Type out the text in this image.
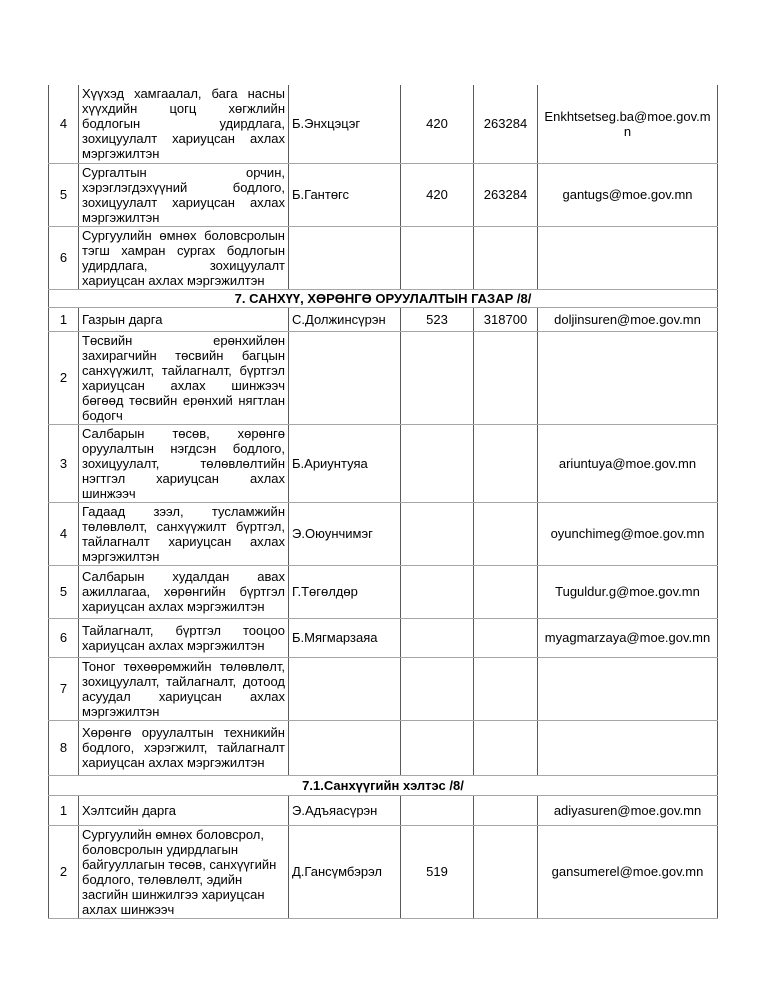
4	Хүүхэд хамгаалал, бага насны хүүхдийн цогц хөгжлийн бодлогын удирдлага, зохицуулалт хариуцсан ахлах мэргэжилтэн	Б.Энхцэцэг	420	263284	Enkhtsetseg.ba@moe.gov.mn
5	Сургалтын орчин, хэрэглэгдэхүүний бодлого, зохицуулалт хариуцсан ахлах мэргэжилтэн	Б.Гантөгс	420	263284	gantugs@moe.gov.mn
6	Сургуулийн өмнөх боловсролын тэгш хамран сургах бодлогын удирдлага, зохицуулалт хариуцсан ахлах мэргэжилтэн				
7. САНХҮҮ, ХӨРӨНГӨ ОРУУЛАЛТЫН ГАЗАР /8/					
1	Газрын дарга	С.Должинсүрэн	523	318700	doljinsuren@moe.gov.mn
2	Төсвийн ерөнхийлөн захирагчийн төсвийн багцын санхүүжилт, тайлагналт, бүртгэл хариуцсан ахлах шинжээч бөгөөд төсвийн ерөнхий нягтлан бодогч				
3	Салбарын төсөв, хөрөнгө оруулалтын нэгдсэн бодлого, зохицуулалт, төлөвлөлтийн нэгтгэл хариуцсан ахлах шинжээч	Б.Ариунтуяа			ariuntuya@moe.gov.mn
4	Гадаад зээл, тусламжийн төлөвлөлт, санхүүжилт бүртгэл, тайлагналт хариуцсан ахлах мэргэжилтэн	Э.Оюунчимэг			oyunchimeg@moe.gov.mn
5	Салбарын худалдан авах ажиллагаа, хөрөнгийн бүртгэл хариуцсан ахлах мэргэжилтэн	Г.Төгөлдөр			Tuguldur.g@moe.gov.mn
6	Тайлагналт, бүртгэл тооцоо хариуцсан ахлах мэргэжилтэн	Б.Мягмарзаяа			myagmarzaya@moe.gov.mn
7	Тоног төхөөрөмжийн төлөвлөлт, зохицуулалт, тайлагналт, дотоод асуудал хариуцсан ахлах мэргэжилтэн				
8	Хөрөнгө оруулалтын техникийн бодлого, хэрэгжилт, тайлагналт хариуцсан ахлах мэргэжилтэн				
7.1.Санхүүгийн хэлтэс /8/					
1	Хэлтсийн дарга	Э.Адъяасүрэн			adiyasuren@moe.gov.mn
2	Сургуулийн өмнөх боловсрол, боловсролын удирдлагын байгууллагын төсөв, санхүүгийн бодлого, төлөвлөлт, эдийн засгийн шинжилгээ хариуцсан ахлах шинжээч	Д.Гансүмбэрэл	519		gansumerel@moe.gov.mn
